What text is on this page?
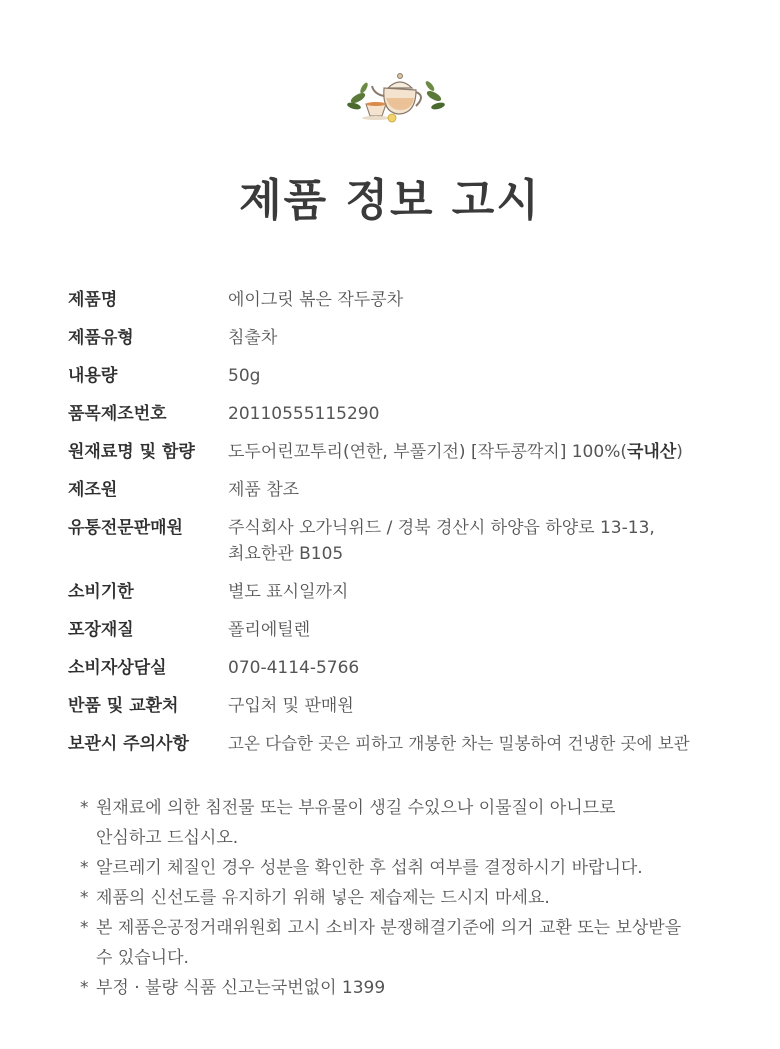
제품 정보 고시
제품명	에이그릿 볶은 작두콩차
제품유형	침출차
내용량	50g
품목제조번호	20110555115290
원재료명 및 함량	도두어린꼬투리(연한, 부풀기전) [작두콩깍지] 100%(국내산)
제조원	제품 참조
유통전문판매원	주식회사 오가닉위드 / 경북 경산시 하양읍 하양로 13-13,
최요한관 B105
소비기한	별도 표시일까지
포장재질	폴리에틸렌
소비자상담실	070-4114-5766
반품 및 교환처	구입처 및 판매원
보관시 주의사항	고온 다습한 곳은 피하고 개봉한 차는 밀봉하여 건냉한 곳에 보관
* 원재료에 의한 침전물 또는 부유물이 생길 수있으나 이물질이 아니므로
안심하고 드십시오.
* 알르레기 체질인 경우 성분을 확인한 후 섭취 여부를 결정하시기 바랍니다.
* 제품의 신선도를 유지하기 위해 넣은 제습제는 드시지 마세요.
* 본 제품은공정거래위원회 고시 소비자 분쟁해결기준에 의거 교환 또는 보상받을
수 있습니다.
* 부정 · 불량 식품 신고는국번없이 1399
